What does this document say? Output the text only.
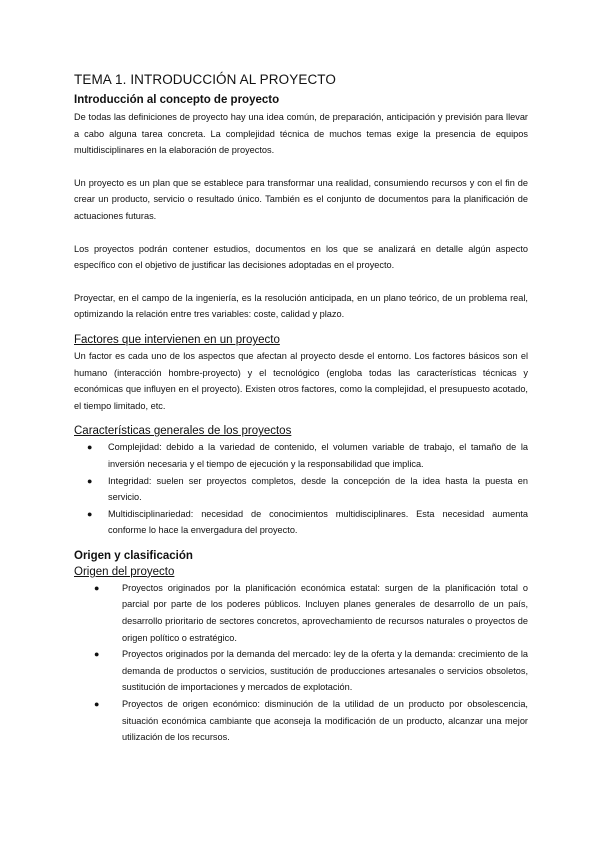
TEMA 1. INTRODUCCIÓN AL PROYECTO
Introducción al concepto de proyecto

De todas las definiciones de proyecto hay una idea común, de preparación, anticipación y previsión para llevar a cabo alguna tarea concreta. La complejidad técnica de muchos temas exige la presencia de equipos multidisciplinares en la elaboración de proyectos.

Un proyecto es un plan que se establece para transformar una realidad, consumiendo recursos y con el fin de crear un producto, servicio o resultado único. También es el conjunto de documentos para la planificación de actuaciones futuras.

Los proyectos podrán contener estudios, documentos en los que se analizará en detalle algún aspecto específico con el objetivo de justificar las decisiones adoptadas en el proyecto.

Proyectar, en el campo de la ingeniería, es la resolución anticipada, en un plano teórico, de un problema real, optimizando la relación entre tres variables: coste, calidad y plazo.

Factores que intervienen en un proyecto

Un factor es cada uno de los aspectos que afectan al proyecto desde el entorno. Los factores básicos son el humano (interacción hombre-proyecto) y el tecnológico (engloba todas las características técnicas y económicas que influyen en el proyecto). Existen otros factores, como la complejidad, el presupuesto acotado, el tiempo limitado, etc.

Características generales de los proyectos
● Complejidad: debido a la variedad de contenido, el volumen variable de trabajo, el tamaño de la inversión necesaria y el tiempo de ejecución y la responsabilidad que implica.
● Integridad: suelen ser proyectos completos, desde la concepción de la idea hasta la puesta en servicio.
● Multidisciplinariedad: necesidad de conocimientos multidisciplinares. Esta necesidad aumenta conforme lo hace la envergadura del proyecto.
Origen y clasificación
Origen del proyecto
● Proyectos originados por la planificación económica estatal: surgen de la planificación total o parcial por parte de los poderes públicos. Incluyen planes generales de desarrollo de un país, desarrollo prioritario de sectores concretos, aprovechamiento de recursos naturales o proyectos de origen político o estratégico.
● Proyectos originados por la demanda del mercado: ley de la oferta y la demanda: crecimiento de la demanda de productos o servicios, sustitución de producciones artesanales o servicios obsoletos, sustitución de importaciones y mercados de explotación.
● Proyectos de origen económico: disminución de la utilidad de un producto por obsolescencia, situación económica cambiante que aconseja la modificación de un producto, alcanzar una mejor utilización de los recursos.
